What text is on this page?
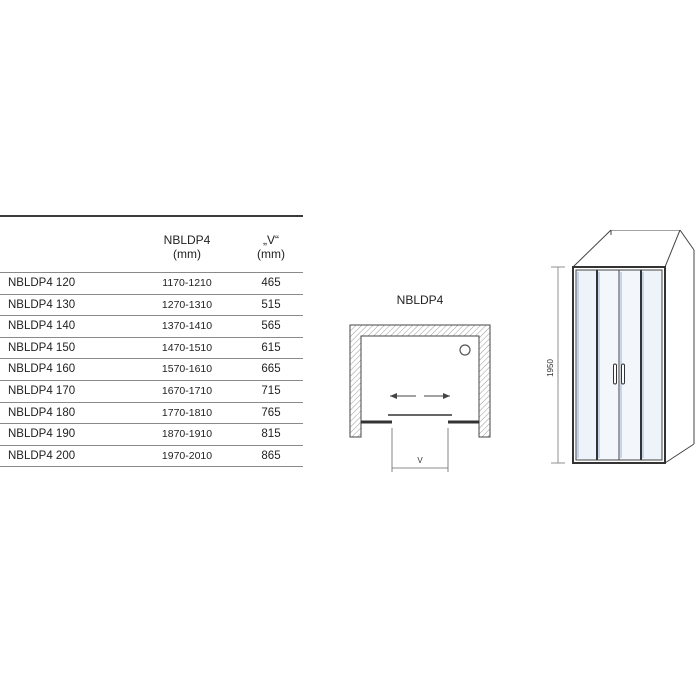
NBLDP4
(mm)
„V“
(mm)
NBLDP4 120	1170-1210	465
NBLDP4 130	1270-1310	515
NBLDP4 140	1370-1410	565
NBLDP4 150	1470-1510	615
NBLDP4 160	1570-1610	665
NBLDP4 170	1670-1710	715
NBLDP4 180	1770-1810	765
NBLDP4 190	1870-1910	815
NBLDP4 200	1970-2010	865
NBLDP4
V
1950
